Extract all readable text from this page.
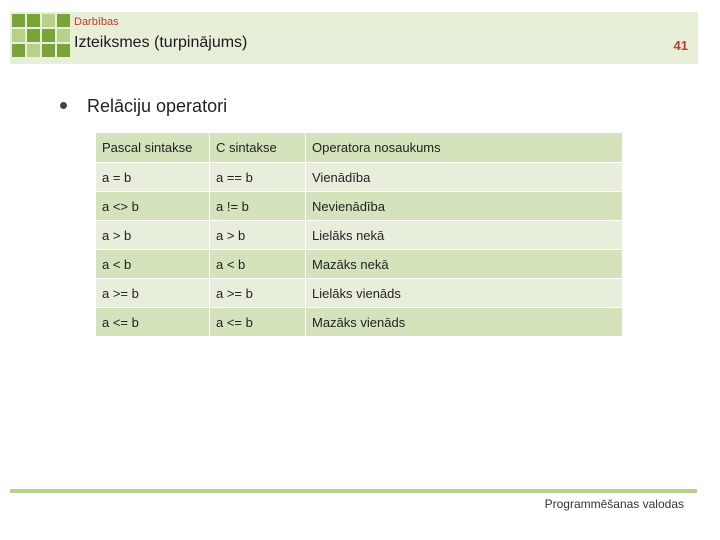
Darbības
Izteiksmes (turpinājums)	41
Relāciju operatori
Pascal sintakse	C sintakse	Operatora nosaukums
a = b	a == b	Vienādība
a <> b	a != b	Nevienādība
a > b	a > b	Lielāks nekā
a < b	a < b	Mazāks nekā
a >= b	a >= b	Lielāks vienāds
a <= b	a <= b	Mazāks vienāds
Programmēšanas valodas
